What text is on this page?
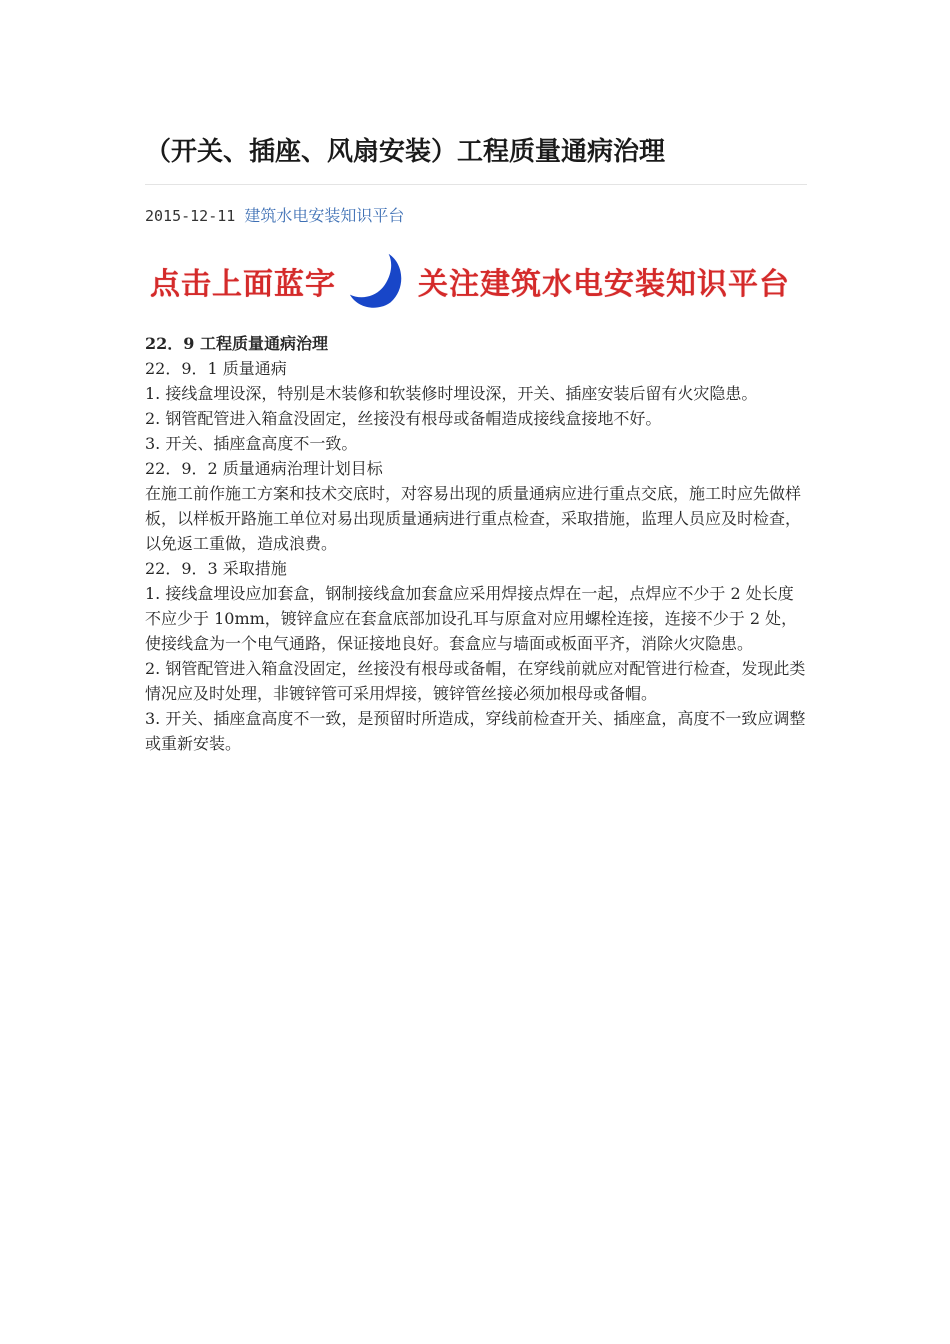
（开关、插座、风扇安装）工程质量通病治理
2015-12-11 建筑水电安装知识平台
点击上面蓝字	关注建筑水电安装知识平台

22．9 工程质量通病治理

22．9．1 质量通病

1. 接线盒埋设深，特别是木装修和软装修时埋设深，开关、插座安装后留有火灾隐患。

2. 钢管配管进入箱盒没固定，丝接没有根母或备帽造成接线盒接地不好。

3. 开关、插座盒高度不一致。

22．9．2 质量通病治理计划目标

在施工前作施工方案和技术交底时，对容易出现的质量通病应进行重点交底，施工时应先做样板，以样板开路施工单位对易出现质量通病进行重点检查，采取措施，监理人员应及时检查，以免返工重做，造成浪费。

22．9．3 采取措施

1. 接线盒埋设应加套盒，钢制接线盒加套盒应采用焊接点焊在一起，点焊应不少于 2 处长度不应少于 10mm，镀锌盒应在套盒底部加设孔耳与原盒对应用螺栓连接，连接不少于 2 处，使接线盒为一个电气通路，保证接地良好。套盒应与墙面或板面平齐，消除火灾隐患。

2. 钢管配管进入箱盒没固定，丝接没有根母或备帽，在穿线前就应对配管进行检查，发现此类情况应及时处理，非镀锌管可采用焊接，镀锌管丝接必须加根母或备帽。

3. 开关、插座盒高度不一致，是预留时所造成，穿线前检查开关、插座盒，高度不一致应调整或重新安装。
